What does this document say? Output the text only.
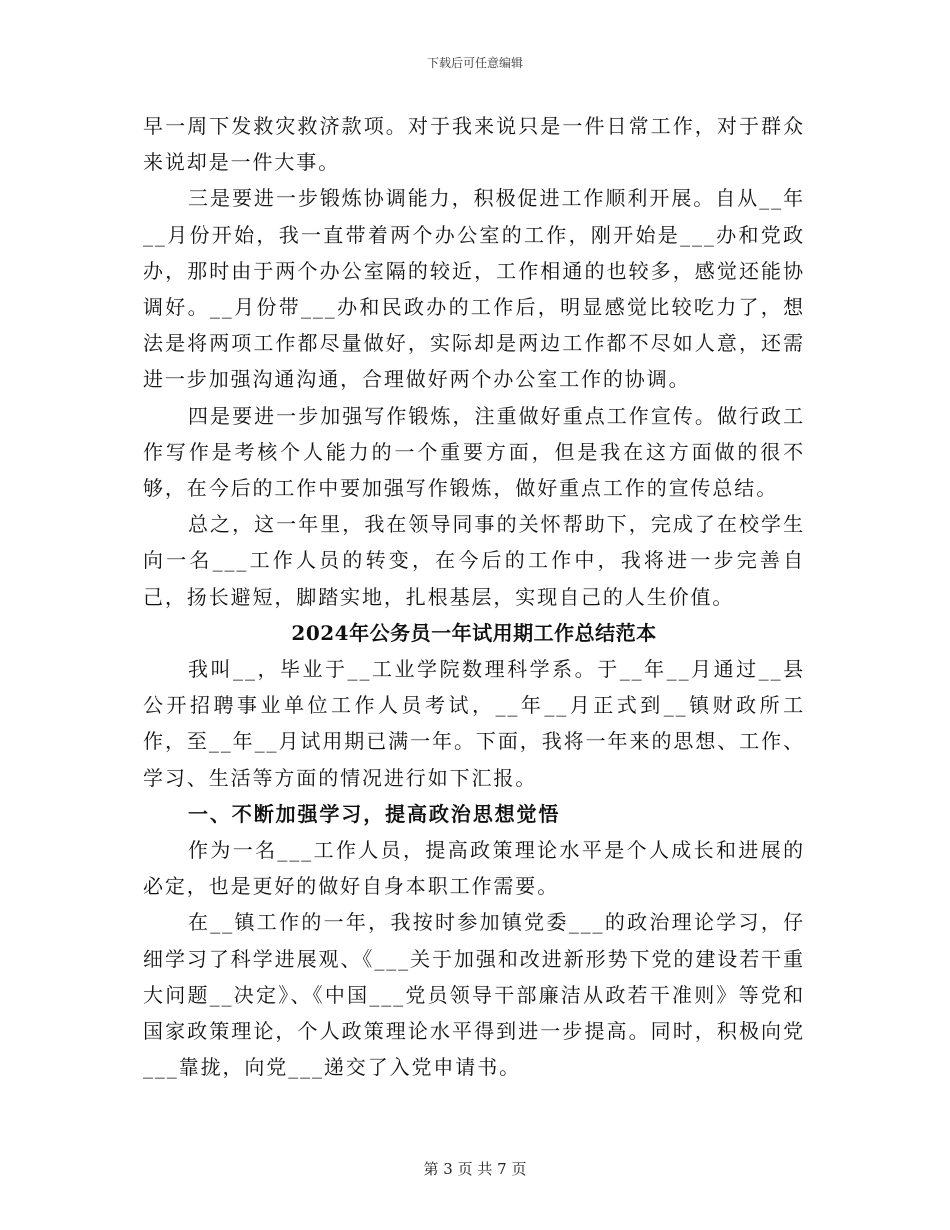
下载后可任意编辑

早一周下发救灾救济款项。对于我来说只是一件日常工作，对于群众来说却是一件大事。

三是要进一步锻炼协调能力，积极促进工作顺利开展。自从__年__月份开始，我一直带着两个办公室的工作，刚开始是___办和党政办，那时由于两个办公室隔的较近，工作相通的也较多，感觉还能协调好。__月份带___办和民政办的工作后，明显感觉比较吃力了，想法是将两项工作都尽量做好，实际却是两边工作都不尽如人意，还需进一步加强沟通沟通，合理做好两个办公室工作的协调。

四是要进一步加强写作锻炼，注重做好重点工作宣传。做行政工作写作是考核个人能力的一个重要方面，但是我在这方面做的很不够，在今后的工作中要加强写作锻炼，做好重点工作的宣传总结。

总之，这一年里，我在领导同事的关怀帮助下，完成了在校学生向一名___工作人员的转变，在今后的工作中，我将进一步完善自己，扬长避短，脚踏实地，扎根基层，实现自己的人生价值。

2024年公务员一年试用期工作总结范本

我叫__，毕业于__工业学院数理科学系。于__年__月通过__县公开招聘事业单位工作人员考试，__年__月正式到__镇财政所工作，至__年__月试用期已满一年。下面，我将一年来的思想、工作、学习、生活等方面的情况进行如下汇报。

一、不断加强学习，提高政治思想觉悟

作为一名___工作人员，提高政策理论水平是个人成长和进展的必定，也是更好的做好自身本职工作需要。

在__镇工作的一年，我按时参加镇党委___的政治理论学习，仔细学习了科学进展观、《___关于加强和改进新形势下党的建设若干重大问题__决定》、《中国___党员领导干部廉洁从政若干准则》等党和国家政策理论，个人政策理论水平得到进一步提高。同时，积极向党___靠拢，向党___递交了入党申请书。

第 3 页 共 7 页
